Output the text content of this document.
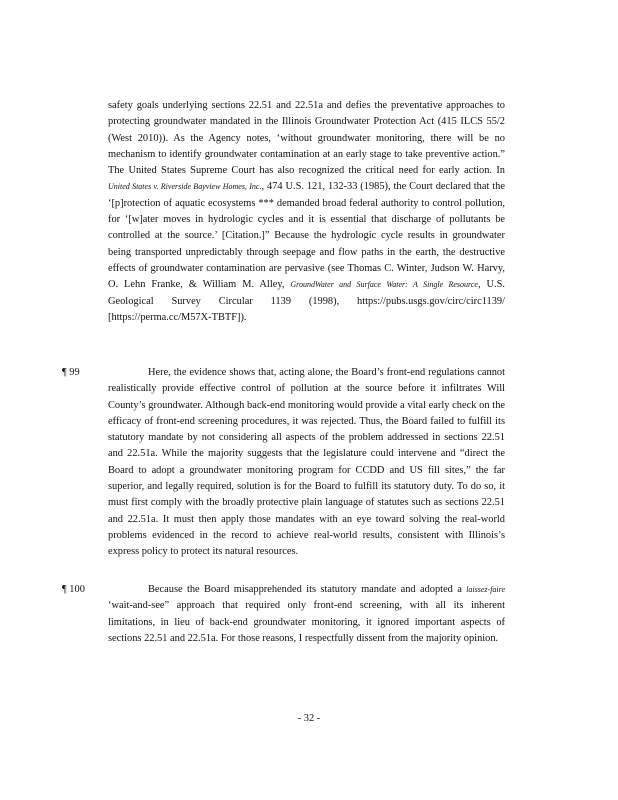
safety goals underlying sections 22.51 and 22.51a and defies the preventative approaches to protecting groundwater mandated in the Illinois Groundwater Protection Act (415 ILCS 55/2 (West 2010)). As the Agency notes, ‘without groundwater monitoring, there will be no mechanism to identify groundwater contamination at an early stage to take preventive action.” The United States Supreme Court has also recognized the critical need for early action. In United States v. Riverside Bayview Homes, Inc., 474 U.S. 121, 132-33 (1985), the Court declared that the ‘[p]rotection of aquatic ecosystems *** demanded broad federal authority to control pollution, for ‘[w]ater moves in hydrologic cycles and it is essential that discharge of pollutants be controlled at the source.’ [Citation.]” Because the hydrologic cycle results in groundwater being transported unpredictably through seepage and flow paths in the earth, the destructive effects of groundwater contamination are pervasive (see Thomas C. Winter, Judson W. Harvy, O. Lehn Franke, & William M. Alley, GroundWater and Surface Water: A Single Resource, U.S. Geological Survey Circular 1139 (1998), https://pubs.usgs.gov/circ/circ1139/ [https://perma.cc/M57X-TBTF]).

¶ 99	Here, the evidence shows that, acting alone, the Board’s front-end regulations cannot realistically provide effective control of pollution at the source before it infiltrates Will County’s groundwater. Although back-end monitoring would provide a vital early check on the efficacy of front-end screening procedures, it was rejected. Thus, the Board failed to fulfill its statutory mandate by not considering all aspects of the problem addressed in sections 22.51 and 22.51a. While the majority suggests that the legislature could intervene and “direct the Board to adopt a groundwater monitoring program for CCDD and US fill sites,” the far superior, and legally required, solution is for the Board to fulfill its statutory duty. To do so, it must first comply with the broadly protective plain language of statutes such as sections 22.51 and 22.51a. It must then apply those mandates with an eye toward solving the real-world problems evidenced in the record to achieve real-world results, consistent with Illinois’s express policy to protect its natural resources.

¶ 100	Because the Board misapprehended its statutory mandate and adopted a laissez-faire ‘wait-and-see” approach that required only front-end screening, with all its inherent limitations, in lieu of back-end groundwater monitoring, it ignored important aspects of sections 22.51 and 22.51a. For those reasons, I respectfully dissent from the majority opinion.

- 32 -
